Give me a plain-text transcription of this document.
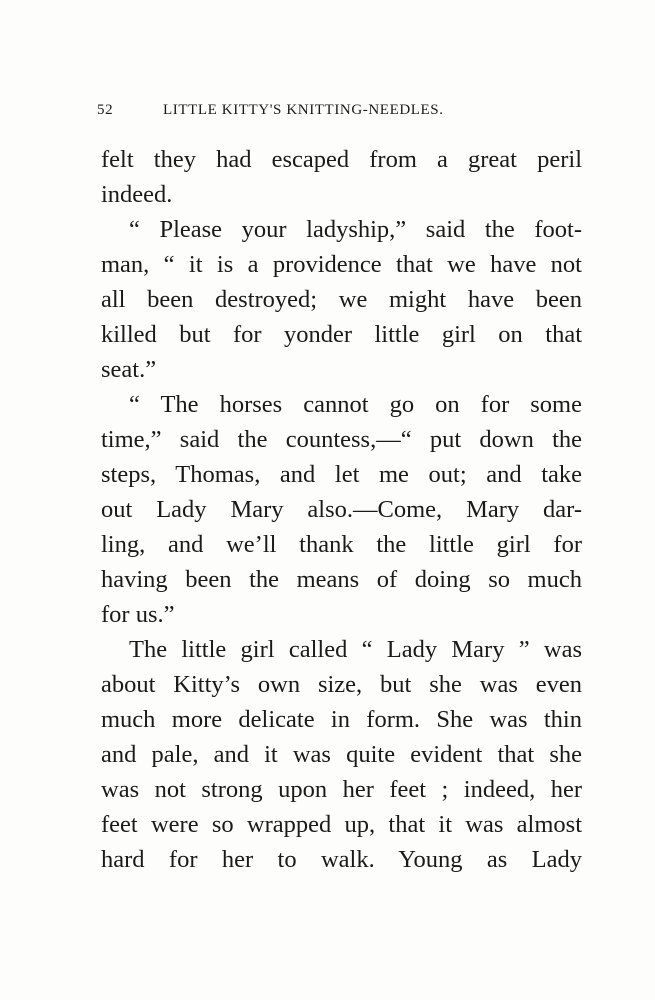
52	LITTLE KITTY'S KNITTING-NEEDLES.
felt they had escaped from a great peril
indeed.
“ Please your ladyship,” said the foot-
man, “ it is a providence that we have not
all been destroyed; we might have been
killed but for yonder little girl on that
seat.”
“ The horses cannot go on for some
time,” said the countess,—“ put down the
steps, Thomas, and let me out; and take
out Lady Mary also.—Come, Mary dar-
ling, and we’ll thank the little girl for
having been the means of doing so much
for us.”
The little girl called “ Lady Mary ” was
about Kitty’s own size, but she was even
much more delicate in form. She was thin
and pale, and it was quite evident that she
was not strong upon her feet ; indeed, her
feet were so wrapped up, that it was almost
hard for her to walk. Young as Lady
